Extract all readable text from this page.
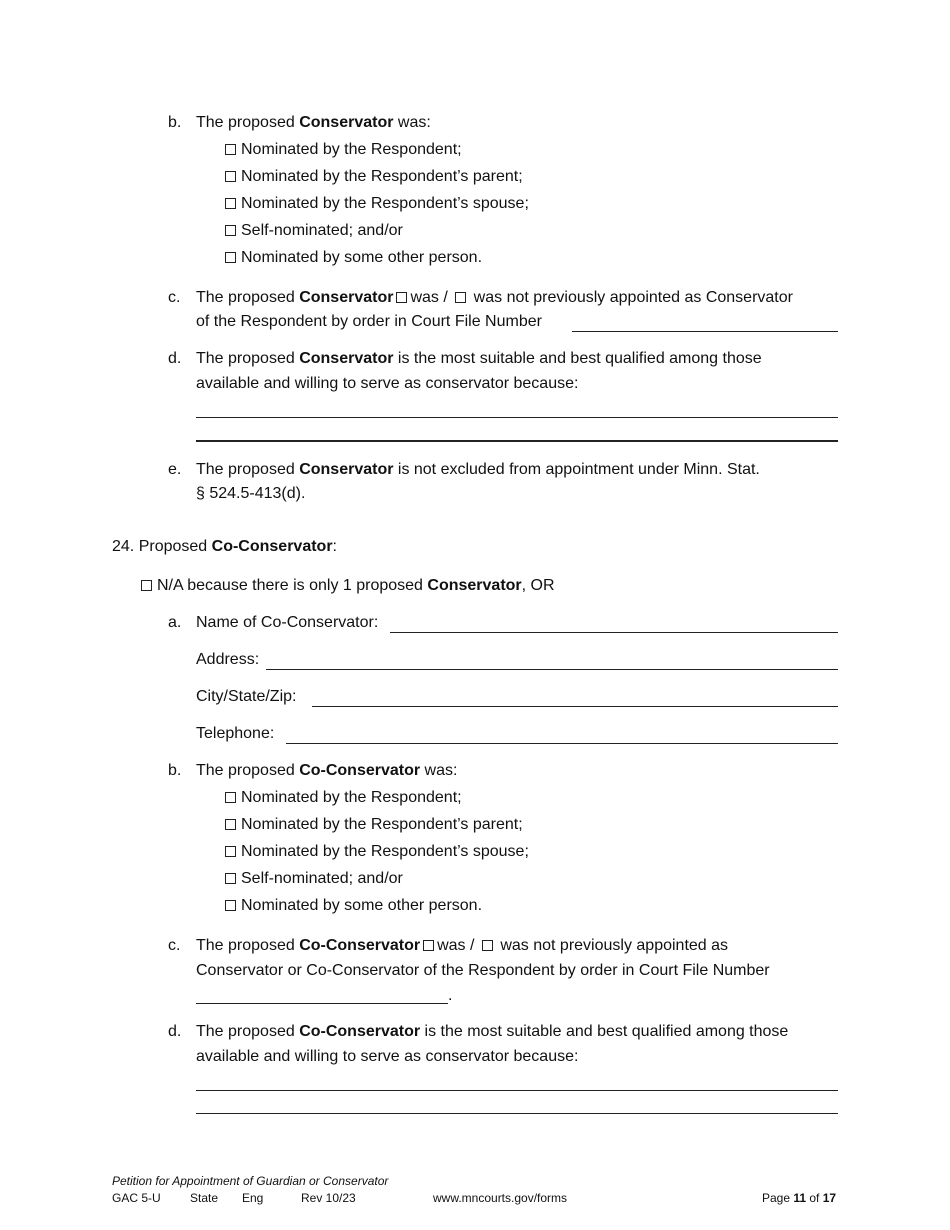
b. The proposed Conservator was:
Nominated by the Respondent;
Nominated by the Respondent’s parent;
Nominated by the Respondent’s spouse;
Self-nominated; and/or
Nominated by some other person.
c. The proposed Conservator was /  was not previously appointed as Conservator
of the Respondent by order in Court File Number
d. The proposed Conservator is the most suitable and best qualified among those
available and willing to serve as conservator because:
e. The proposed Conservator is not excluded from appointment under Minn. Stat.
§ 524.5-413(d).
24. Proposed Co-Conservator:
N/A because there is only 1 proposed Conservator, OR
a. Name of Co-Conservator:
Address:
City/State/Zip:
Telephone:
b. The proposed Co-Conservator was:
Nominated by the Respondent;
Nominated by the Respondent’s parent;
Nominated by the Respondent’s spouse;
Self-nominated; and/or
Nominated by some other person.
c. The proposed Co-Conservator was /  was not previously appointed as
Conservator or Co-Conservator of the Respondent by order in Court File Number
.
d. The proposed Co-Conservator is the most suitable and best qualified among those
available and willing to serve as conservator because:
Petition for Appointment of Guardian or Conservator
GAC 5-U State Eng	Rev 10/23	www.mncourts.gov/forms	Page 11 of 17
